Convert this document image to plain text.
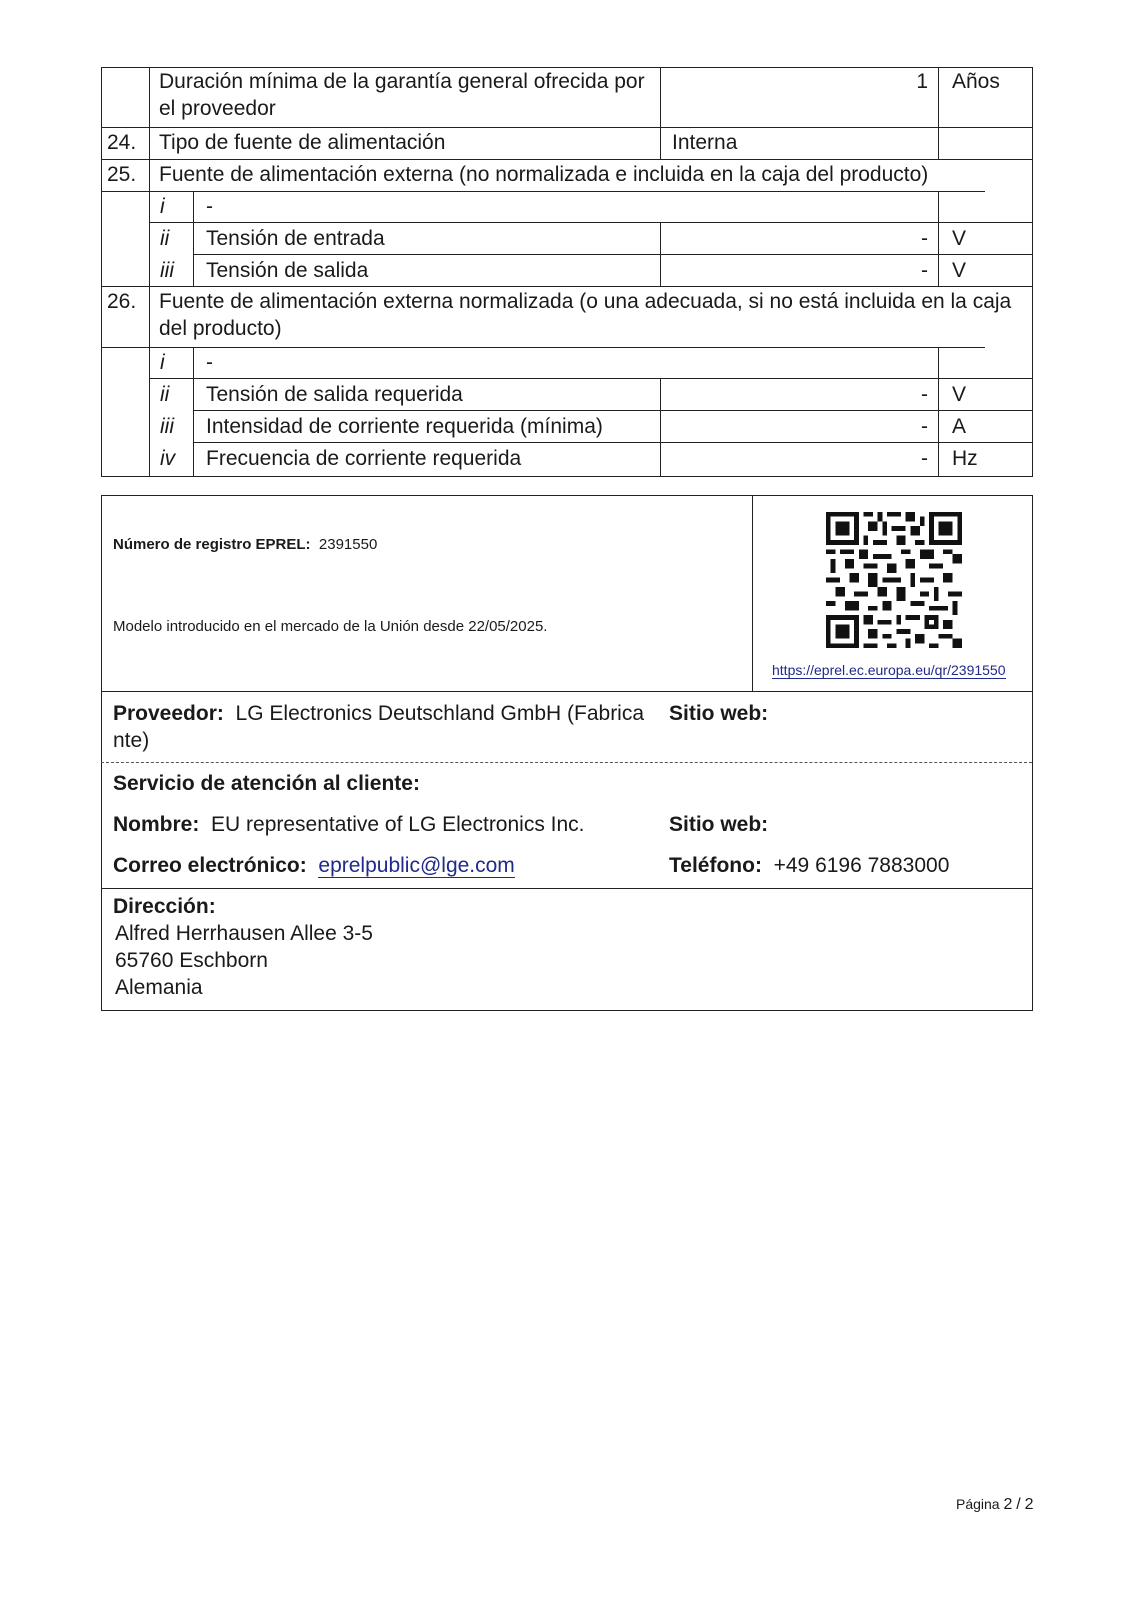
Duración mínima de la garantía general ofrecida por
el proveedor
1 Años
24. Tipo de fuente de alimentación	Interna
25. Fuente de alimentación externa (no normalizada e incluida en la caja del producto)
i -
ii Tensión de entrada	- V
iii Tensión de salida	- V
26. Fuente de alimentación externa normalizada (o una adecuada, si no está incluida en la caja
del producto)
i -
ii Tensión de salida requerida	- V
iii Intensidad de corriente requerida (mínima)	- A
iv Frecuencia de corriente requerida	- Hz
Número de registro EPREL: 2391550
Modelo introducido en el mercado de la Unión desde 22/05/2025.
https://eprel.ec.europa.eu/qr/2391550
Proveedor: LG Electronics Deutschland GmbH (Fabrica
nte)
Sitio web:
Servicio de atención al cliente:
Nombre: EU representative of LG Electronics Inc.	Sitio web:
Correo electrónico: eprelpublic@lge.com	Teléfono: +49 6196 7883000
Dirección:
Alfred Herrhausen Allee 3-5
65760 Eschborn
Alemania
Página 2 / 2
